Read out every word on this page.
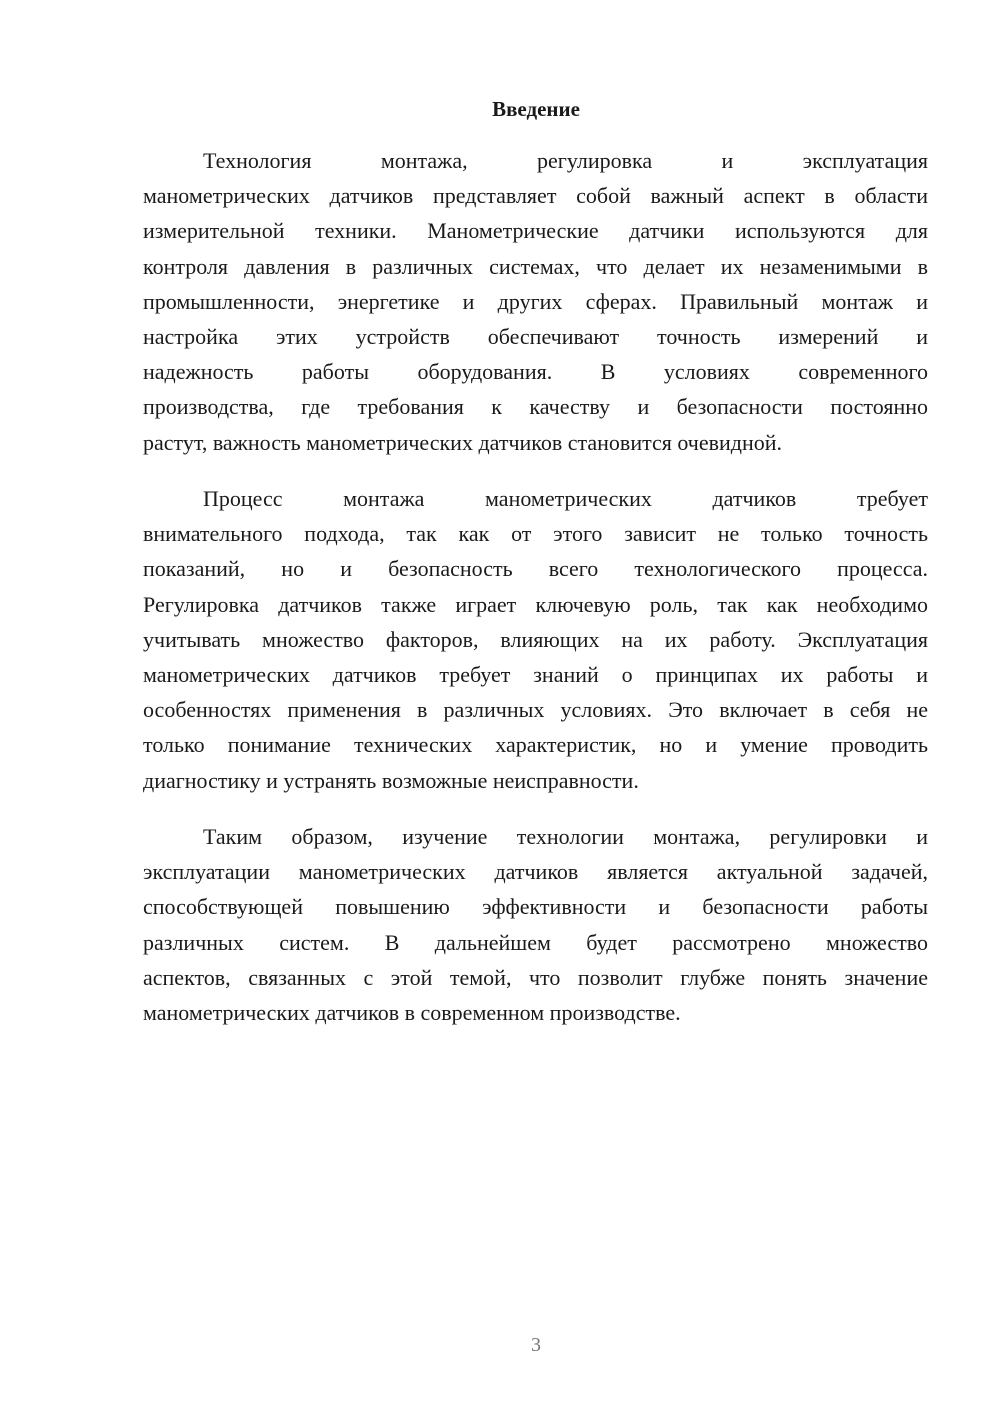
Введение
Технология монтажа, регулировка и эксплуатация
манометрических датчиков представляет собой важный аспект в области
измерительной техники. Манометрические датчики используются для
контроля давления в различных системах, что делает их незаменимыми в
промышленности, энергетике и других сферах. Правильный монтаж и
настройка этих устройств обеспечивают точность измерений и
надежность работы оборудования. В условиях современного
производства, где требования к качеству и безопасности постоянно
растут, важность манометрических датчиков становится очевидной.
Процесс монтажа манометрических датчиков требует
внимательного подхода, так как от этого зависит не только точность
показаний, но и безопасность всего технологического процесса.
Регулировка датчиков также играет ключевую роль, так как необходимо
учитывать множество факторов, влияющих на их работу. Эксплуатация
манометрических датчиков требует знаний о принципах их работы и
особенностях применения в различных условиях. Это включает в себя не
только понимание технических характеристик, но и умение проводить
диагностику и устранять возможные неисправности.
Таким образом, изучение технологии монтажа, регулировки и
эксплуатации манометрических датчиков является актуальной задачей,
способствующей повышению эффективности и безопасности работы
различных систем. В дальнейшем будет рассмотрено множество
аспектов, связанных с этой темой, что позволит глубже понять значение
манометрических датчиков в современном производстве.
3
